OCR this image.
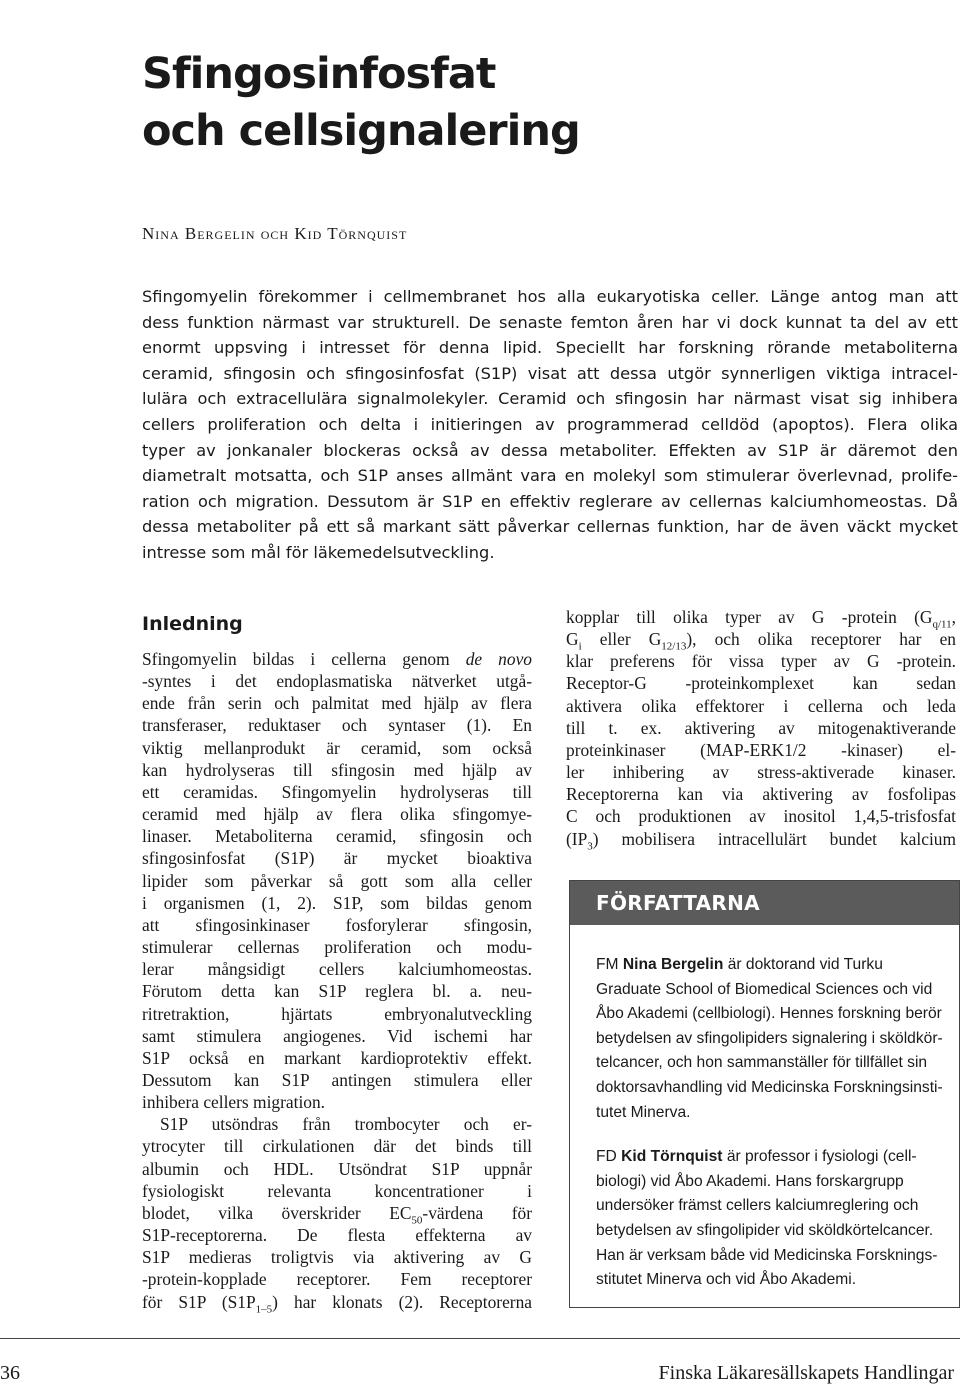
Sfingosinfosfat
och cellsignalering
Nina Bergelin och Kid Törnquist
Sfingomyelin förekommer i cellmembranet hos alla eukaryotiska celler. Länge antog man att
dess funktion närmast var strukturell. De senaste femton åren har vi dock kunnat ta del av ett
enormt uppsving i intresset för denna lipid. Speciellt har forskning rörande metaboliterna
ceramid, sfingosin och sfingosinfosfat (S1P) visat att dessa utgör synnerligen viktiga intracel-
lulära och extracellulära signalmolekyler. Ceramid och sfingosin har närmast visat sig inhibera
cellers proliferation och delta i initieringen av programmerad celldöd (apoptos). Flera olika
typer av jonkanaler blockeras också av dessa metaboliter. Effekten av S1P är däremot den
diametralt motsatta, och S1P anses allmänt vara en molekyl som stimulerar överlevnad, prolife-
ration och migration. Dessutom är S1P en effektiv reglerare av cellernas kalciumhomeostas. Då
dessa metaboliter på ett så markant sätt påverkar cellernas funktion, har de även väckt mycket
intresse som mål för läkemedelsutveckling.
Inledning
Sfingomyelin bildas i cellerna genom de novo
-syntes i det endoplasmatiska nätverket utgå-
ende från serin och palmitat med hjälp av flera
transferaser, reduktaser och syntaser (1). En
viktig mellanprodukt är ceramid, som också
kan hydrolyseras till sfingosin med hjälp av
ett ceramidas. Sfingomyelin hydrolyseras till
ceramid med hjälp av flera olika sfingomye-
linaser. Metaboliterna ceramid, sfingosin och
sfingosinfosfat (S1P) är mycket bioaktiva
lipider som påverkar så gott som alla celler
i organismen (1, 2). S1P, som bildas genom
att sfingosinkinaser fosforylerar sfingosin,
stimulerar cellernas proliferation och modu-
lerar mångsidigt cellers kalciumhomeostas.
Förutom detta kan S1P reglera bl. a. neu-
ritretraktion, hjärtats embryonalutveckling
samt stimulera angiogenes. Vid ischemi har
S1P också en markant kardioprotektiv effekt.
Dessutom kan S1P antingen stimulera eller
inhibera cellers migration.
S1P utsöndras från trombocyter och er-
ytrocyter till cirkulationen där det binds till
albumin och HDL. Utsöndrat S1P uppnår
fysiologiskt relevanta koncentrationer i
blodet, vilka överskrider $EC_{50}$-värdena för
S1P-receptorerna. De flesta effekterna av
S1P medieras troligtvis via aktivering av G
-protein-kopplade receptorer. Fem receptorer
för S1P $(S1P_{1-5})$ har klonats (2). Receptorerna
kopplar till olika typer av G -protein ($G_{q/11}$,
$G_i$ eller $G_{12/13}$), och olika receptorer har en
klar preferens för vissa typer av G -protein.
Receptor-G -proteinkomplexet kan sedan
aktivera olika effektorer i cellerna och leda
till t. ex. aktivering av mitogenaktiverande
proteinkinaser (MAP-ERK1/2 -kinaser) el-
ler inhibering av stress-aktiverade kinaser.
Receptorerna kan via aktivering av fosfolipas
C och produktionen av inositol 1,4,5-trisfosfat
$(IP_3)$ mobilisera intracellulärt bundet kalcium
FÖRFATTARNA
FM Nina Bergelin är doktorand vid Turku
Graduate School of Biomedical Sciences och vid
Åbo Akademi (cellbiologi). Hennes forskning berör
betydelsen av sfingolipiders signalering i sköldkör-
telcancer, och hon sammanställer för tillfället sin
doktorsavhandling vid Medicinska Forskningsinsti-
tutet Minerva.
FD Kid Törnquist är professor i fysiologi (cell-
biologi) vid Åbo Akademi. Hans forskargrupp
undersöker främst cellers kalciumreglering och
betydelsen av sfingolipider vid sköldkörtelcancer.
Han är verksam både vid Medicinska Forsknings-
stitutet Minerva och vid Åbo Akademi.
36	Finska Läkaresällskapets Handlingar
